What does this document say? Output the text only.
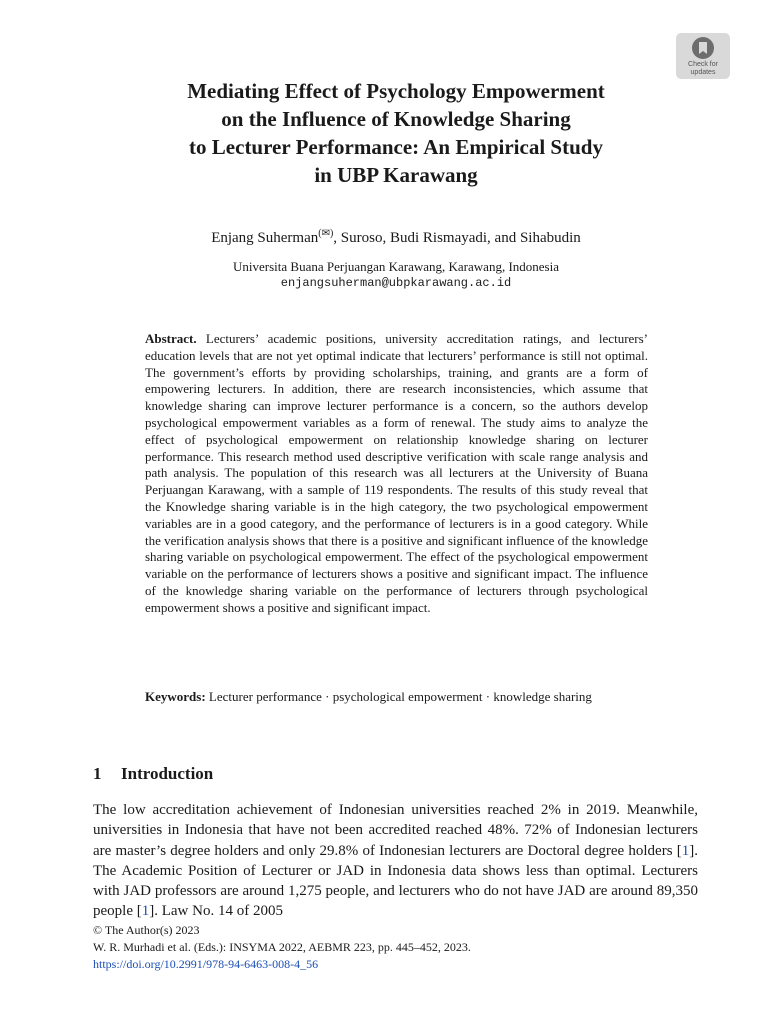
Check for
updates
Mediating Effect of Psychology Empowerment
on the Influence of Knowledge Sharing
to Lecturer Performance: An Empirical Study
in UBP Karawang
Enjang Suherman(✉), Suroso, Budi Rismayadi, and Sihabudin
Universita Buana Perjuangan Karawang, Karawang, Indonesia
enjangsuherman@ubpkarawang.ac.id

Abstract. Lecturers’ academic positions, university accreditation ratings, and lecturers’ education levels that are not yet optimal indicate that lecturers’ performance is still not optimal. The government’s efforts by providing scholarships, training, and grants are a form of empowering lecturers. In addition, there are research inconsistencies, which assume that knowledge sharing can improve lecturer performance is a concern, so the authors develop psychological empowerment variables as a form of renewal. The study aims to analyze the effect of psychological empowerment on relationship knowledge sharing on lecturer performance. This research method used descriptive verification with scale range analysis and path analysis. The population of this research was all lecturers at the University of Buana Perjuangan Karawang, with a sample of 119 respondents. The results of this study reveal that the Knowledge sharing variable is in the high category, the two psychological empowerment variables are in a good category, and the performance of lecturers is in a good category. While the verification analysis shows that there is a positive and significant influence of the knowledge sharing variable on psychological empowerment. The effect of the psychological empowerment variable on the performance of lecturers shows a positive and significant impact. The influence of the knowledge sharing variable on the performance of lecturers through psychological empowerment shows a positive and significant impact.

Keywords: Lecturer performance · psychological empowerment · knowledge sharing

1 Introduction

The low accreditation achievement of Indonesian universities reached 2% in 2019. Meanwhile, universities in Indonesia that have not been accredited reached 48%. 72% of Indonesian lecturers are master’s degree holders and only 29.8% of Indonesian lecturers are Doctoral degree holders [1]. The Academic Position of Lecturer or JAD in Indonesia data shows less than optimal. Lecturers with JAD professors are around 1,275 people, and lecturers who do not have JAD are around 89,350 people [1]. Law No. 14 of 2005

© The Author(s) 2023
W. R. Murhadi et al. (Eds.): INSYMA 2022, AEBMR 223, pp. 445–452, 2023.
https://doi.org/10.2991/978-94-6463-008-4_56
